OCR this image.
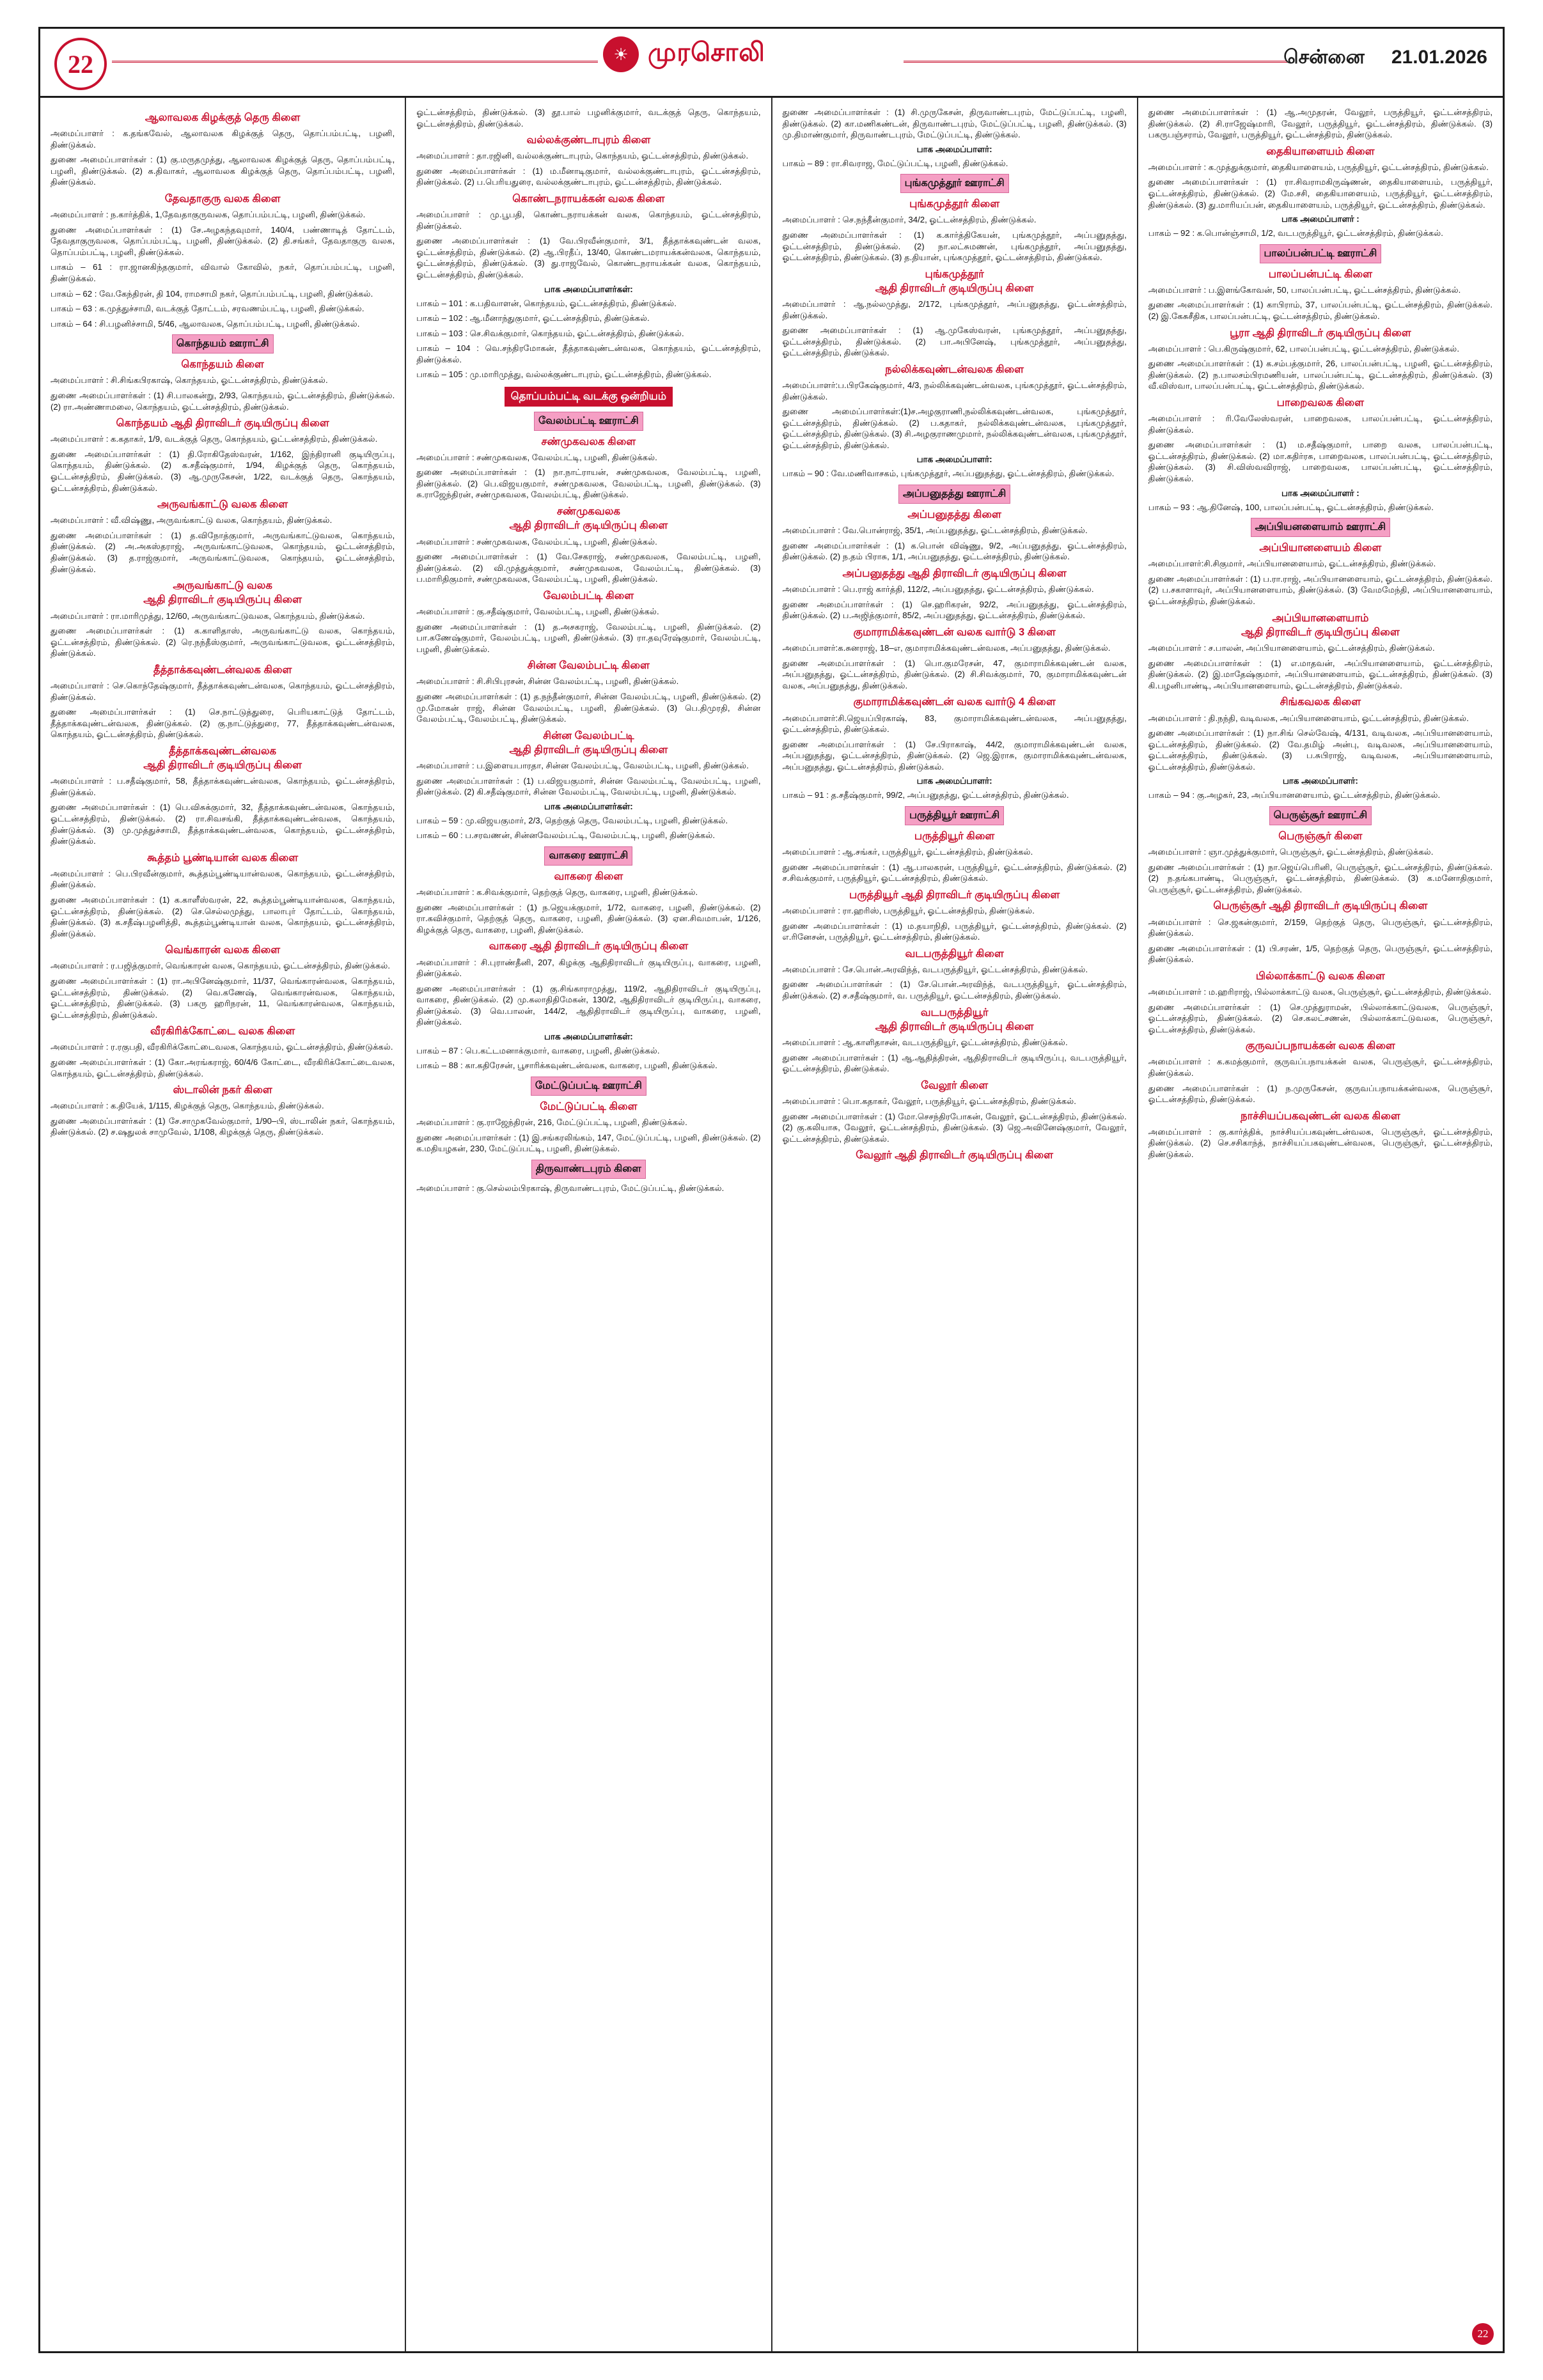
22	☀ முரசொலி	சென்னை 21.01.2026
ஆலாவலக கிழக்குத் தெரு கிளை

அமைப்பாளர் : க.தங்கவேல், ஆலாவலக கிழக்குத் தெரு, தொப்பம்பட்டி, பழனி, திண்டுக்கல்.

துணை அமைப்பாளர்கள் : (1) கு.மருதமுத்து, ஆலாவலக கிழக்குத் தெரு, தொப்பம்பட்டி, பழனி, திண்டுக்கல். (2) க.திவாகர், ஆலாவலக கிழக்குத் தெரு, தொப்பம்பட்டி, பழனி, திண்டுக்கல்.

தேவதாகுரு வலக கிளை

அமைப்பாளர் : ந.கார்த்திக், 1,தேவதாகுருவலக, தொப்பம்பட்டி, பழனி, திண்டுக்கல்.

துணை அமைப்பாளர்கள் : (1) சே.அழகந்தவுமார், 140/4, பண்ணாடித் தோட்டம், தேவதாகுருவலக, தொப்பம்பட்டி, பழனி, திண்டுக்கல். (2) தி.சங்கர், தேவதாகுரு வலக, தொப்பம்பட்டி, பழனி, திண்டுக்கல்.

பாகம் – 61 : ரா.ஜானகிந்தகுமார், விவால் கோவில், நகர், தொப்பம்பட்டி, பழனி, திண்டுக்கல்.

பாகம் – 62 : வே.கேந்திரன், தி 104, ராமசாமி நகர், தொப்பம்பட்டி, பழனி, திண்டுக்கல்.

பாகம் – 63 : க.முத்துச்சாமி, வடக்குத் தோட்டம், சரவணம்பட்டி, பழனி, திண்டுக்கல்.

பாகம் – 64 : சி.பழனிச்சாமி, 5/46, ஆலாவலக, தொப்பம்பட்டி, பழனி, திண்டுக்கல்.

கொந்தயம் ஊராட்சி
கொந்தயம் கிளை

அமைப்பாளர் : சி.சிங்கபிரகாஷ், கொந்தயம், ஓட்டன்சத்திரம், திண்டுக்கல்.

துணை அமைப்பாளர்கள் : (1) சி.பாலகன்று, 2/93, கொந்தயம், ஓட்டன்சத்திரம், திண்டுக்கல். (2) ரா.அண்ணாமலை, கொந்தயம், ஓட்டன்சத்திரம், திண்டுக்கல்.

கொந்தயம் ஆதி திராவிடர் குடியிருப்பு கிளை

அமைப்பாளர் : க.கதாகர், 1/9, வடக்குத் தெரு, கொந்தயம், ஓட்டன்சத்திரம், திண்டுக்கல்.

துணை அமைப்பாளர்கள் : (1) தி.ரோகிதேஸ்வரன், 1/162, இந்திரானி குடியிருப்பு, கொந்தயம், திண்டுக்கல். (2) க.சதீஷ்குமார், 1/94, கிழக்குத் தெரு, கொந்தயம், ஓட்டன்சத்திரம், திண்டுக்கல். (3) ஆ.முருகேசன், 1/22, வடக்குத் தெரு, கொந்தயம், ஓட்டன்சத்திரம், திண்டுக்கல்.

அருவங்காட்டு வலக கிளை

அமைப்பாளர் : வீ.விஷ்ணு, அருவங்காட்டு வலக, கொந்தயம், திண்டுக்கல்.

துணை அமைப்பாளர்கள் : (1) த.விநோத்குமார், அருவங்காட்டுவலக, கொந்தயம், திண்டுக்கல். (2) அ.அகஸ்தராஜ், அருவங்காட்டுவலக, கொந்தயம், ஓட்டன்சத்திரம், திண்டுக்கல். (3) த.ராஜ்குமார், அருவங்காட்டுவலக, கொந்தயம், ஓட்டன்சத்திரம், திண்டுக்கல்.

அருவங்காட்டு வலக
ஆதி திராவிடர் குடியிருப்பு கிளை

அமைப்பாளர் : ரா.மாரிமுத்து, 12/60, அருவங்காட்டுவலக, கொந்தயம், திண்டுக்கல்.

துணை அமைப்பாளர்கள் : (1) க.காளிதாஸ், அருவங்காட்டு வலக, கொந்தயம், ஓட்டன்சத்திரம், திண்டுக்கல். (2) ரெ.நந்தீஸ்குமார், அருவங்காட்டுவலக, ஓட்டன்சத்திரம், திண்டுக்கல்.

தீத்தாக்கவுண்டன்வலக கிளை

அமைப்பாளர் : செ.கொந்தேஷ்குமார், தீத்தாக்கவுண்டன்வலக, கொந்தயம், ஓட்டன்சத்திரம், திண்டுக்கல்.

துணை அமைப்பாளர்கள் : (1) செ.நாட்டுத்துரை, பெரியகாட்டுத் தோட்டம், தீத்தாக்கவுண்டன்வலக, திண்டுக்கல். (2) கு.நாட்டுத்துரை, 77, தீத்தாக்கவுண்டன்வலக, கொந்தயம், ஓட்டன்சத்திரம், திண்டுக்கல்.

தீத்தாக்கவுண்டன்வலக
ஆதி திராவிடர் குடியிருப்பு கிளை

அமைப்பாளர் : ப.சதீஷ்குமார், 58, தீத்தாக்கவுண்டன்வலக, கொந்தயம், ஓட்டன்சத்திரம், திண்டுக்கல்.

துணை அமைப்பாளர்கள் : (1) பெ.விசுக்குமார், 32, தீத்தாக்கவுண்டன்வலக, கொந்தயம், ஓட்டன்சத்திரம், திண்டுக்கல். (2) ரா.சிவசங்கி, தீத்தாக்கவுண்டன்வலக, கொந்தயம், திண்டுக்கல். (3) மு.முத்துச்சாமி, தீத்தாக்கவுண்டன்வலக, கொந்தயம், ஓட்டன்சத்திரம், திண்டுக்கல்.

கூத்தம் பூண்டியான் வலக கிளை

அமைப்பாளர் : பெ.பிரவீன்குமார், கூத்தம்பூண்டியான்வலக, கொந்தயம், ஓட்டன்சத்திரம், திண்டுக்கல்.

துணை அமைப்பாளர்கள் : (1) க.காளீஸ்வரன், 22, கூத்தம்பூண்டியான்வலக, கொந்தயம், ஓட்டன்சத்திரம், திண்டுக்கல். (2) செ.செல்லமுத்து, பாலாபுர் தோட்டம், கொந்தயம், திண்டுக்கல். (3) க.சதீஷ்பழனித்தி, கூத்தம்பூண்டியான் வலக, கொந்தயம், ஓட்டன்சத்திரம், திண்டுக்கல்.

வெங்காரன் வலக கிளை

அமைப்பாளர் : ர.பஜித்குமார், வெங்காரன் வலக, கொந்தயம், ஓட்டன்சத்திரம், திண்டுக்கல்.

துணை அமைப்பாளர்கள் : (1) ரா.அபினேஷ்குமார், 11/37, வெங்காரன்வலக, கொந்தயம், ஓட்டன்சத்திரம், திண்டுக்கல். (2) வெ.கணேஷ், வெங்காரன்வலக, கொந்தயம், ஓட்டன்சத்திரம், திண்டுக்கல். (3) பகரு ஹரிநரன், 11, வெங்காரன்வலக, கொந்தயம், ஓட்டன்சத்திரம், திண்டுக்கல்.

வீரகிரிக்கோட்டை வலக கிளை

அமைப்பாளர் : ர.ரகுபதி, வீரகிரிக்கோட்டைவலக, கொந்தயம், ஓட்டன்சத்திரம், திண்டுக்கல்.

துணை அமைப்பாளர்கள் : (1) கோ.அரங்கராஜ், 60/4/6 கோட்டை, வீரகிரிக்கோட்டைவலக, கொந்தயம், ஓட்டன்சத்திரம், திண்டுக்கல்.

ஸ்டாலின் நகர் கிளை

அமைப்பாளர் : க.தியேக், 1/115, கிழக்குத் தெரு, கொந்தயம், திண்டுக்கல்.

துணை அமைப்பாளர்கள் : (1) சே.சாமுகவேல்குமார், 1/90–பி, ஸ்டாலின் நகர், கொந்தயம், திண்டுக்கல். (2) ச.ஷதுலக் சாமுவேல், 1/108, கிழக்குத் தெரு, திண்டுக்கல்.

ஓட்டன்சத்திரம், திண்டுக்கல். (3) தூ.பால் பழனிக்குமார், வடக்குத் தெரு, கொந்தயம், ஓட்டன்சத்திரம், திண்டுக்கல்.

வல்லக்குண்டாபுரம் கிளை

அமைப்பாளர் : தா.ரஜினி, வல்லக்குண்டாபுரம், கொந்தயம், ஓட்டன்சத்திரம், திண்டுக்கல்.

துணை அமைப்பாளர்கள் : (1) ம.மீனாடிகுமார், வல்லக்குண்டாபுரம், ஓட்டன்சத்திரம், திண்டுக்கல். (2) ப.பெரியதுரை, வல்லக்குண்டாபுரம், ஓட்டன்சத்திரம், திண்டுக்கல்.

கொண்டநராயக்கன் வலக கிளை

அமைப்பாளர் : மு.பூபதி, கொண்டநராயக்கன் வலக, கொந்தயம், ஓட்டன்சத்திரம், திண்டுக்கல்.

துணை அமைப்பாளர்கள் : (1) வே.பிரவீன்குமார், 3/1, தீத்தாக்கவுண்டன் வலக, ஓட்டன்சத்திரம், திண்டுக்கல். (2) ஆ.பிரதீப், 13/40, கொண்டமராயக்கன்வலக, கொந்தயம், ஓட்டன்சத்திரம், திண்டுக்கல். (3) து.ராஜவேல், கொண்டநராயக்கன் வலக, கொந்தயம், ஓட்டன்சத்திரம், திண்டுக்கல்.

பாக அமைப்பாளர்கள்:

பாகம் – 101 : க.பதிவாளன், கொந்தயம், ஓட்டன்சத்திரம், திண்டுக்கல்.

பாகம் – 102 : ஆ.மீனாந்துகுமார், ஓட்டன்சத்திரம், திண்டுக்கல்.

பாகம் – 103 : செ.சிவக்குமார், கொந்தயம், ஓட்டன்சத்திரம், திண்டுக்கல்.

பாகம் – 104 : வெ.சந்திரமோகன், தீத்தாகவுண்டன்வலக, கொந்தயம், ஓட்டன்சத்திரம், திண்டுக்கல்.

பாகம் – 105 : மு.மாரிமுத்து, வல்லக்குண்டாபுரம், ஓட்டன்சத்திரம், திண்டுக்கல்.

தொப்பம்பட்டி வடக்கு ஒன்றியம்
வேலம்பட்டி ஊராட்சி
சண்முகவலக கிளை

அமைப்பாளர் : சண்முகவலக, வேலம்பட்டி, பழனி, திண்டுக்கல்.

துணை அமைப்பாளர்கள் : (1) நா.நாட்ராயன், சண்முகவலக, வேலம்பட்டி, பழனி, திண்டுக்கல். (2) பெ.விஜயகுமார், சண்முகவலக, வேலம்பட்டி, பழனி, திண்டுக்கல். (3) சு.ராஜேந்திரன், சண்முகவலக, வேலம்பட்டி, திண்டுக்கல்.

சண்முகவலக
ஆதி திராவிடர் குடியிருப்பு கிளை

அமைப்பாளர் : சண்முகவலக, வேலம்பட்டி, பழனி, திண்டுக்கல்.

துணை அமைப்பாளர்கள் : (1) வே.சேகராஜ், சண்முகவலக, வேலம்பட்டி, பழனி, திண்டுக்கல். (2) வி.முத்துக்குமார், சண்முகவலக, வேலம்பட்டி, திண்டுக்கல். (3) ப.மாரிதிகுமார், சண்முகவலக, வேலம்பட்டி, பழனி, திண்டுக்கல்.

வேலம்பட்டி கிளை

அமைப்பாளர் : கு.சதீஷ்குமார், வேலம்பட்டி, பழனி, திண்டுக்கல்.

துணை அமைப்பாளர்கள் : (1) த.அசகராஜ், வேலம்பட்டி, பழனி, திண்டுக்கல். (2) பா.கணேஷ்குமார், வேலம்பட்டி, பழனி, திண்டுக்கல். (3) ரா.தவுரேஷ்குமார், வேலம்பட்டி, பழனி, திண்டுக்கல்.

சின்ன வேலம்பட்டி கிளை

அமைப்பாளர் : சி.சிபிபுரசன், சின்ன வேலம்பட்டி, பழனி, திண்டுக்கல்.

துணை அமைப்பாளர்கள் : (1) த.நந்தீன்குமார், சின்ன வேலம்பட்டி, பழனி, திண்டுக்கல். (2) மு.மோகன் ராஜ், சின்ன வேலம்பட்டி, பழனி, திண்டுக்கல். (3) பெ.திமுரதி, சின்ன வேலம்பட்டி, வேலம்பட்டி, திண்டுக்கல்.

சின்ன வேலம்பட்டி
ஆதி திராவிடர் குடியிருப்பு கிளை

அமைப்பாளர் : ப.இளையபாரதா, சின்ன வேலம்பட்டி, வேலம்பட்டி, பழனி, திண்டுக்கல்.

துணை அமைப்பாளர்கள் : (1) ப.விஜயகுமார், சின்ன வேலம்பட்டி, வேலம்பட்டி, பழனி, திண்டுக்கல். (2) கி.சதீஷ்குமார், சின்ன வேலம்பட்டி, வேலம்பட்டி, பழனி, திண்டுக்கல்.

பாக அமைப்பாளர்கள்:

பாகம் – 59 : மு.விஜயகுமார், 2/3, தெற்குத் தெரு, வேலம்பட்டி, பழனி, திண்டுக்கல்.

பாகம் – 60 : ப.சரவணன், சின்னவேலம்பட்டி, வேலம்பட்டி, பழனி, திண்டுக்கல்.

வாகரை ஊராட்சி
வாகரை கிளை

அமைப்பாளர் : க.சிவக்குமார், தெற்குத் தெரு, வாகரை, பழனி, திண்டுக்கல்.

துணை அமைப்பாளர்கள் : (1) ந.ஜெயக்குமார், 1/72, வாகரை, பழனி, திண்டுக்கல். (2) ரா.கவிச்குமார், தெற்குத் தெரு, வாகரை, பழனி, திண்டுக்கல். (3) ஏன.சிவமாபன், 1/126, கிழக்குத் தெரு, வாகரை, பழனி, திண்டுக்கல்.

வாகரை ஆதி திராவிடர் குடியிருப்பு கிளை

அமைப்பாளர் : சி.புராண்தீனி, 207, கிழக்கு ஆதிதிராவிடர் குடியிருப்பு, வாகரை, பழனி, திண்டுக்கல்.

துணை அமைப்பாளர்கள் : (1) கு.சிங்காராமுத்து, 119/2, ஆதிதிராவிடர் குடியிருப்பு, வாகரை, திண்டுக்கல். (2) மு.கலாதிதிமேகன், 130/2, ஆதிதிராவிடர் குடியிருப்பு, வாகரை, திண்டுக்கல். (3) வெ.பாலன், 144/2, ஆதிதிராவிடர் குடியிருப்பு, வாகரை, பழனி, திண்டுக்கல்.

பாக அமைப்பாளர்கள்:

பாகம் – 87 : பெ.கட்டமனாக்குமார், வாகரை, பழனி, திண்டுக்கல்.

பாகம் – 88 : கா.கதிரேசன், பூசாரிக்கவுண்டன்வலக, வாகரை, பழனி, திண்டுக்கல்.

மேட்டுப்பட்டி ஊராட்சி
மேட்டுப்பட்டி கிளை

அமைப்பாளர் : கு.ராஜேந்திரன், 216, மேட்டுப்பட்டி, பழனி, திண்டுக்கல்.

துணை அமைப்பாளர்கள் : (1) இ.சங்கரலிங்கம், 147, மேட்டுப்பட்டி, பழனி, திண்டுக்கல். (2) க.மதியழகன், 230, மேட்டுப்பட்டி, பழனி, திண்டுக்கல்.

திருவாண்டபுரம் கிளை

அமைப்பாளர் : கு.செல்லம்பிரகாஷ், திருவாண்டபுரம், மேட்டுப்பட்டி, திண்டுக்கல்.

துணை அமைப்பாளர்கள் : (1) சி.முருகேசன், திருவாண்டபுரம், மேட்டுப்பட்டி, பழனி, திண்டுக்கல். (2) கா.மணிகண்டன், திருவாண்டபுரம், மேட்டுப்பட்டி, பழனி, திண்டுக்கல். (3) மு.திமாண்குமார், திருவாண்டபுரம், மேட்டுப்பட்டி, திண்டுக்கல்.

பாக அமைப்பாளர்:

பாகம் – 89 : ரா.சிவராஜ, மேட்டுப்பட்டி, பழனி, திண்டுக்கல்.

புங்கமுத்தூர் ஊராட்சி
புங்கமுத்தூர் கிளை

அமைப்பாளர் : செ.நந்தீன்குமார், 34/2, ஓட்டன்சத்திரம், திண்டுக்கல்.

துணை அமைப்பாளர்கள் : (1) க.கார்த்திகேயன், புங்கமுத்தூர், அப்பனுதத்து, ஓட்டன்சத்திரம், திண்டுக்கல். (2) நா.லட்சுமணன், புங்கமுத்தூர், அப்பனுதத்து, ஓட்டன்சத்திரம், திண்டுக்கல். (3) த.தியான், புங்கமுத்தூர், ஓட்டன்சத்திரம், திண்டுக்கல்.

புங்கமுத்தூர்
ஆதி திராவிடர் குடியிருப்பு கிளை

அமைப்பாளர் : ஆ.நல்லமுத்து, 2/172, புங்கமுத்தூர், அப்பனுதத்து, ஓட்டன்சத்திரம், திண்டுக்கல்.

துணை அமைப்பாளர்கள் : (1) ஆ.முகேஸ்வரன், புங்கமுத்தூர், அப்பனுதத்து, ஓட்டன்சத்திரம், திண்டுக்கல். (2) பா.அபினேஷ், புங்கமுத்தூர், அப்பனுதத்து, ஓட்டன்சத்திரம், திண்டுக்கல்.

நல்லிக்கவுண்டன்வலக கிளை

அமைப்பாளர்:ப.பிரகேஷ்குமார், 4/3, நல்லிக்கவுண்டன்வலக, புங்கமுத்தூர், ஓட்டன்சத்திரம், திண்டுக்கல்.

துணை அமைப்பாளர்கள்:(1)ச.அழகுராணி,நல்லிக்கவுண்டன்வலக, புங்கமுத்தூர், ஓட்டன்சத்திரம், திண்டுக்கல். (2) ப.கதாகர், நல்லிக்கவுண்டன்வலக, புங்கமுத்தூர், ஓட்டன்சத்திரம், திண்டுக்கல். (3) சி.அழகுராணமுமார், நல்லிக்கவுண்டன்வலக, புங்கமுத்தூர், ஓட்டன்சத்திரம், திண்டுக்கல்.

பாக அமைப்பாளர்:

பாகம் – 90 : வே.மணிவாசகம், புங்கமுத்தூர், அப்பனுதத்து, ஓட்டன்சத்திரம், திண்டுக்கல்.

அப்பனுதத்து ஊராட்சி
அப்பனுதத்து கிளை

அமைப்பாளர் : வே.பொன்ராஜ், 35/1, அப்பனுதத்து, ஓட்டன்சத்திரம், திண்டுக்கல்.

துணை அமைப்பாளர்கள் : (1) க.பொன் விஷ்ணு, 9/2, அப்பனுதத்து, ஓட்டன்சத்திரம், திண்டுக்கல். (2) ந.தம் பிராசு, 1/1, அப்பனுதத்து, ஓட்டன்சத்திரம், திண்டுக்கல்.

அப்பனுதத்து ஆதி திராவிடர் குடியிருப்பு கிளை

அமைப்பாளர் : பெ.ராஜ் கார்த்தி, 112/2, அப்பனுதத்து, ஓட்டன்சத்திரம், திண்டுக்கல்.

துணை அமைப்பாளர்கள் : (1) செ.ஹரிகரன், 92/2, அப்பனுதத்து, ஓட்டன்சத்திரம், திண்டுக்கல். (2) ப.அஜித்குமார், 85/2, அப்பனுதத்து, ஓட்டன்சத்திரம், திண்டுக்கல்.

குமாராமிக்கவுண்டன் வலக வார்டு 3 கிளை

அமைப்பாளர்:க.சுனராஜ், 18–எ, குமாராமிக்கவுண்டன்வலக, அப்பனுதத்து, திண்டுக்கல்.

துணை அமைப்பாளர்கள் : (1) பொ.குமரேசன், 47, குமாராமிக்கவுண்டன் வலக, அப்பனுதத்து, ஓட்டன்சத்திரம், திண்டுக்கல். (2) சி.சிவக்குமார், 70, குமாராமிக்கவுண்டன் வலக, அப்பனுதத்து, திண்டுக்கல்.

குமாராமிக்கவுண்டன் வலக வார்டு 4 கிளை

அமைப்பாளர்:சி.ஜெயப்பிரகாஷ், 83, குமாராமிக்கவுண்டன்வலக, அப்பனுதத்து, ஓட்டன்சத்திரம், திண்டுக்கல்.

துணை அமைப்பாளர்கள் : (1) சே.பிராகாஷ், 44/2, குமாராமிக்கவுண்டன் வலக, அப்பனுதத்து, ஓட்டன்சத்திரம், திண்டுக்கல். (2) ஜெ.இராசு, குமாராமிக்கவுண்டன்வலக, அப்பனுதத்து, ஓட்டன்சத்திரம், திண்டுக்கல்.

பாக அமைப்பாளர்:

பாகம் – 91 : த.சதீஷ்குமார், 99/2, அப்பனுதத்து, ஓட்டன்சத்திரம், திண்டுக்கல்.

பருத்தியூர் ஊராட்சி
பருத்தியூர் கிளை

அமைப்பாளர் : ஆ.சங்கர், பருத்தியூர், ஓட்டன்சத்திரம், திண்டுக்கல்.

துணை அமைப்பாளர்கள் : (1) ஆ.பாலகரன், பருத்தியூர், ஓட்டன்சத்திரம், திண்டுக்கல். (2) ச.சிவக்குமார், பருத்தியூர், ஓட்டன்சத்திரம், திண்டுக்கல்.

பருத்தியூர் ஆதி திராவிடர் குடியிருப்பு கிளை

அமைப்பாளர் : ரா.ஹரிஸ், பருத்தியூர், ஓட்டன்சத்திரம், திண்டுக்கல்.

துணை அமைப்பாளர்கள் : (1) ம.தயாநிதி, பருத்தியூர், ஓட்டன்சத்திரம், திண்டுக்கல். (2) எ.ரினேசன், பருத்தியூர், ஓட்டன்சத்திரம், திண்டுக்கல்.

வடபருத்தியூர் கிளை

அமைப்பாளர் : சே.பொன்.அரவிந்த், வடபருத்தியூர், ஓட்டன்சத்திரம், திண்டுக்கல்.

துணை அமைப்பாளர்கள் : (1) சே.பொன்.அரவிந்த், வடபருத்தியூர், ஓட்டன்சத்திரம், திண்டுக்கல். (2) ச.சதீஷ்குமார், வ. பருத்தியூர், ஓட்டன்சத்திரம், திண்டுக்கல்.

வடபருத்தியூர்
ஆதி திராவிடர் குடியிருப்பு கிளை

அமைப்பாளர் : ஆ.காளிதாசன், வடபருத்தியூர், ஓட்டன்சத்திரம், திண்டுக்கல்.

துணை அமைப்பாளர்கள் : (1) ஆ.ஆதித்திரன், ஆதிதிராவிடர் குடியிருப்பு, வடபருத்தியூர், ஓட்டன்சத்திரம், திண்டுக்கல்.

வேலூர் கிளை

அமைப்பாளர் : பொ.கதாகர், வேலூர், பருத்தியூர், ஓட்டன்சத்திரம், திண்டுக்கல்.

துணை அமைப்பாளர்கள் : (1) மோ.செசந்திரபோகன், வேலூர், ஓட்டன்சத்திரம், திண்டுக்கல். (2) கு.கலியாசு, வேலூர், ஓட்டன்சத்திரம், திண்டுக்கல். (3) ஜெ.அவினேஷ்குமார், வேலூர், ஓட்டன்சத்திரம், திண்டுக்கல்.

வேலூர் ஆதி திராவிடர் குடியிருப்பு கிளை

துணை அமைப்பாளர்கள் : (1) ஆ.அமுதரன், வேலூர், பருத்தியூர், ஓட்டன்சத்திரம், திண்டுக்கல். (2) சி.ராஜேஷ்மாரி, வேலூர், பருத்தியூர், ஓட்டன்சத்திரம், திண்டுக்கல். (3) பகருபஞ்சராம், வேலூர், பருத்தியூர், ஓட்டன்சத்திரம், திண்டுக்கல்.

தைகியாளையம் கிளை

அமைப்பாளர் : க.முத்துக்குமார், தைகியாளையம், பருத்தியூர், ஓட்டன்சத்திரம், திண்டுக்கல்.

துணை அமைப்பாளர்கள் : (1) ரா.சிவராமகிருஷ்ணன், தைகியாளையம், பருத்தியூர், ஓட்டன்சத்திரம், திண்டுக்கல். (2) மே.சசி, தைகியாளையம், பருத்தியூர், ஓட்டன்சத்திரம், திண்டுக்கல். (3) து.மாரியப்பன், தைகியாளையம், பருத்தியூர், ஓட்டன்சத்திரம், திண்டுக்கல்.

பாக அமைப்பாளர் :

பாகம் – 92 : க.பொன்ஞ்சாமி, 1/2, வடபருத்தியூர், ஓட்டன்சத்திரம், திண்டுக்கல்.

பாலப்பன்பட்டி ஊராட்சி
பாலப்பன்பட்டி கிளை

அமைப்பாளர் : ப.இளங்கோவன், 50, பாலப்பன்பட்டி, ஓட்டன்சத்திரம், திண்டுக்கல்.

துணை அமைப்பாளர்கள் : (1) காபிராம், 37, பாலப்பன்பட்டி, ஓட்டன்சத்திரம், திண்டுக்கல். (2) இ.கேசுசீதிக, பாலப்பன்பட்டி, ஓட்டன்சத்திரம், திண்டுக்கல்.

பூரா ஆதி திராவிடர் குடியிருப்பு கிளை

அமைப்பாளர் : பெ.கிருஷ்குமார், 62, பாலப்பன்பட்டி, ஓட்டன்சத்திரம், திண்டுக்கல்.

துணை அமைப்பாளர்கள் : (1) க.சம்பத்குமார், 26, பாலப்பன்பட்டி, பழனி, ஓட்டன்சத்திரம், திண்டுக்கல். (2) ந.பாலசம்பிரமணியன், பாலப்பன்பட்டி, ஓட்டன்சத்திரம், திண்டுக்கல். (3) வீ.விஸ்வா, பாலப்பன்பட்டி, ஓட்டன்சத்திரம், திண்டுக்கல்.

பாறைவலக கிளை

அமைப்பாளர் : ரி.வேலேஸ்வரன், பாறைவலக, பாலப்பன்பட்டி, ஓட்டன்சத்திரம், திண்டுக்கல்.

துணை அமைப்பாளர்கள் : (1) ம.சதீஷ்குமார், பாறை வலக, பாலப்பன்பட்டி, ஓட்டன்சத்திரம், திண்டுக்கல். (2) மா.கதிர்ரசு, பாறைவலக, பாலப்பன்பட்டி, ஓட்டன்சத்திரம், திண்டுக்கல். (3) சி.விஸ்வவிராஜ், பாறைவலக, பாலப்பன்பட்டி, ஓட்டன்சத்திரம், திண்டுக்கல்.

பாக அமைப்பாளர் :

பாகம் – 93 : ஆ.தினேஷ், 100, பாலப்பன்பட்டி, ஓட்டன்சத்திரம், திண்டுக்கல்.

அப்பியனளையாம் ஊராட்சி
அப்பியானளையம் கிளை

அமைப்பாளர்:சி.சிகுமார், அப்பியானளையாம், ஓட்டன்சத்திரம், திண்டுக்கல்.

துணை அமைப்பாளர்கள் : (1) ப.ரா.ராஜ், அப்பியானளையாம், ஓட்டன்சத்திரம், திண்டுக்கல். (2) ப.சகாளாவுர், அப்பியானளையாம், திண்டுக்கல். (3) வேமமேந்தி, அப்பியானளையாம், ஓட்டன்சத்திரம், திண்டுக்கல்.

அப்பியானளையாம்
ஆதி திராவிடர் குடியிருப்பு கிளை

அமைப்பாளர் : ச.பாலன், அப்பியானளையாம், ஓட்டன்சத்திரம், திண்டுக்கல்.

துணை அமைப்பாளர்கள் : (1) எ.மாதவன், அப்பியானளையாம், ஓட்டன்சத்திரம், திண்டுக்கல். (2) இ.மாதேஷ்குமார், அப்பியானளையாம், ஓட்டன்சத்திரம், திண்டுக்கல். (3) கி.பழனிபாண்டி, அப்பியானளையாம், ஓட்டன்சத்திரம், திண்டுக்கல்.

சிங்கவலக கிளை

அமைப்பாளர் : தி.நந்தி, வடிவலக, அப்பியானளையாம், ஓட்டன்சத்திரம், திண்டுக்கல்.

துணை அமைப்பாளர்கள் : (1) நா.சிங் செல்வேஷ், 4/131, வடிவலக, அப்பியானளையாம், ஓட்டன்சத்திரம், திண்டுக்கல். (2) வே.தமிழ் அன்பு, வடிவலக, அப்பியானளையாம், ஓட்டன்சத்திரம், திண்டுக்கல். (3) ப.சுபிராஜ், வடிவலக, அப்பியானளையாம், ஓட்டன்சத்திரம், திண்டுக்கல்.

பாக அமைப்பாளர்:

பாகம் – 94 : கு.அழகர், 23, அப்பியானளையாம், ஓட்டன்சத்திரம், திண்டுக்கல்.

பெருஞ்சூர் ஊராட்சி
பெருஞ்சூர் கிளை

அமைப்பாளர் : ஞா.முத்துக்குமார், பெருஞ்சூர், ஓட்டன்சத்திரம், திண்டுக்கல்.

துணை அமைப்பாளர்கள் : (1) நா.ஜெய்பெரினி, பெருஞ்சூர், ஓட்டன்சத்திரம், திண்டுக்கல். (2) ந.தங்கபாண்டி, பெருஞ்சூர், ஓட்டன்சத்திரம், திண்டுக்கல். (3) க.மனோதிகுமார், பெருஞ்சூர், ஓட்டன்சத்திரம், திண்டுக்கல்.

பெருஞ்சூர் ஆதி திராவிடர் குடியிருப்பு கிளை

அமைப்பாளர் : செ.ஜகன்குமார், 2/159, தெற்குத் தெரு, பெருஞ்சூர், ஓட்டன்சத்திரம், திண்டுக்கல்.

துணை அமைப்பாளர்கள் : (1) பி.சரண், 1/5, தெற்குத் தெரு, பெருஞ்சூர், ஓட்டன்சத்திரம், திண்டுக்கல்.

பில்லாக்காட்டு வலக கிளை

அமைப்பாளர் : ம.ஹரிராஜ், பில்லாக்காட்டு வலக, பெருஞ்சூர், ஓட்டன்சத்திரம், திண்டுக்கல்.

துணை அமைப்பாளர்கள் : (1) செ.முத்துராமன், பில்லாக்காட்டுவலக, பெருஞ்சூர், ஓட்டன்சத்திரம், திண்டுக்கல். (2) செ.கலட்சணன், பில்லாக்காட்டுவலக, பெருஞ்சூர், ஓட்டன்சத்திரம், திண்டுக்கல்.

குருவப்பநாயக்கன் வலக கிளை

அமைப்பாளர் : க.கமத்குமார், குருவப்பநாயக்கன் வலக, பெருஞ்சூர், ஓட்டன்சத்திரம், திண்டுக்கல்.

துணை அமைப்பாளர்கள் : (1) ந.முருகேசன், குருவப்பநாயக்கன்வலக, பெருஞ்சூர், ஓட்டன்சத்திரம், திண்டுக்கல்.

நாச்சியப்பகவுண்டன் வலக கிளை

அமைப்பாளர் : கு.கார்த்திக், நாச்சியப்பகவுண்டன்வலக, பெருஞ்சூர், ஓட்டன்சத்திரம், திண்டுக்கல். (2) செ.சசிகாந்த், நாச்சியப்பகவுண்டன்வலக, பெருஞ்சூர், ஓட்டன்சத்திரம், திண்டுக்கல்.

22
